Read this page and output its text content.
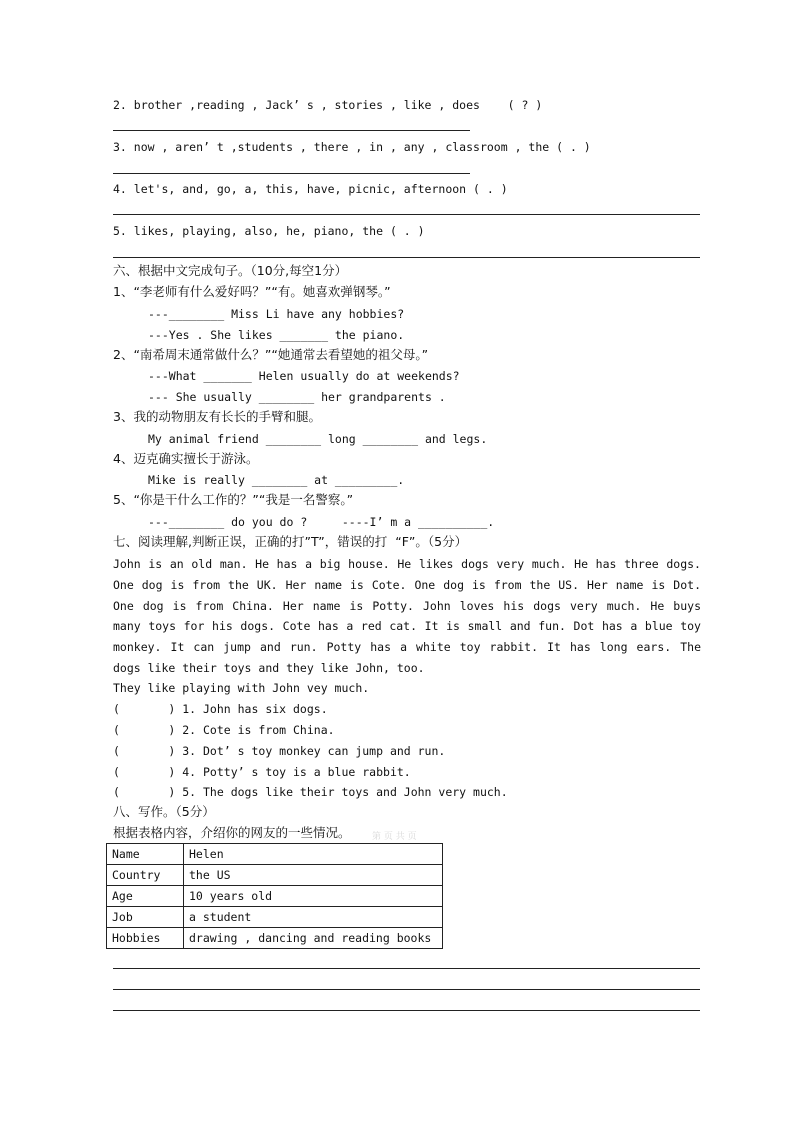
2. brother ,reading , Jack’ s , stories , like , does    ( ? )
3. now , aren’ t ,students , there , in , any , classroom , the ( . )
4. let's, and, go, a, this, have, picnic, afternoon ( . )
5. likes, playing, also, he, piano, the ( . )
六、根据中文完成句子。（10分,每空1分）
1、“李老师有什么爱好吗？”“有。她喜欢弹钢琴。”
---________ Miss Li have any hobbies?
---Yes . She likes _______ the piano.
2、“南希周末通常做什么？”“她通常去看望她的祖父母。”
---What _______ Helen usually do at weekends?
--- She usually ________ her grandparents .
3、我的动物朋友有长长的手臂和腿。
My animal friend ________ long ________ and legs.
4、迈克确实擅长于游泳。
Mike is really ________ at _________.
5、“你是干什么工作的？”“我是一名警察。”
---________ do you do ?     ----I’ m a __________.
七、阅读理解,判断正误，正确的打”T”，错误的打  “F”。（5分）
John is an old man. He has a big house. He likes dogs very much. He has three dogs. One dog is from the UK. Her name is Cote. One dog is from the US. Her name is Dot. One dog is from China. Her name is Potty. John loves his dogs very much. He buys many toys for his dogs. Cote has a red cat. It is small and fun. Dot has a blue toy monkey. It can jump and run. Potty has a white toy rabbit. It has long ears. The dogs like their toys and they like John, too.
They like playing with John vey much.
(       ) 1. John has six dogs.
(       ) 2. Cote is from China.
(       ) 3. Dot’ s toy monkey can jump and run.
(       ) 4. Potty’ s toy is a blue rabbit.
(       ) 5. The dogs like their toys and John very much.
八、写作。（5分）
根据表格内容，介绍你的网友的一些情况。 第 页 共 页
Name	Helen
Country	the US
Age	10 years old
Job	a student
Hobbies	drawing , dancing and reading books
